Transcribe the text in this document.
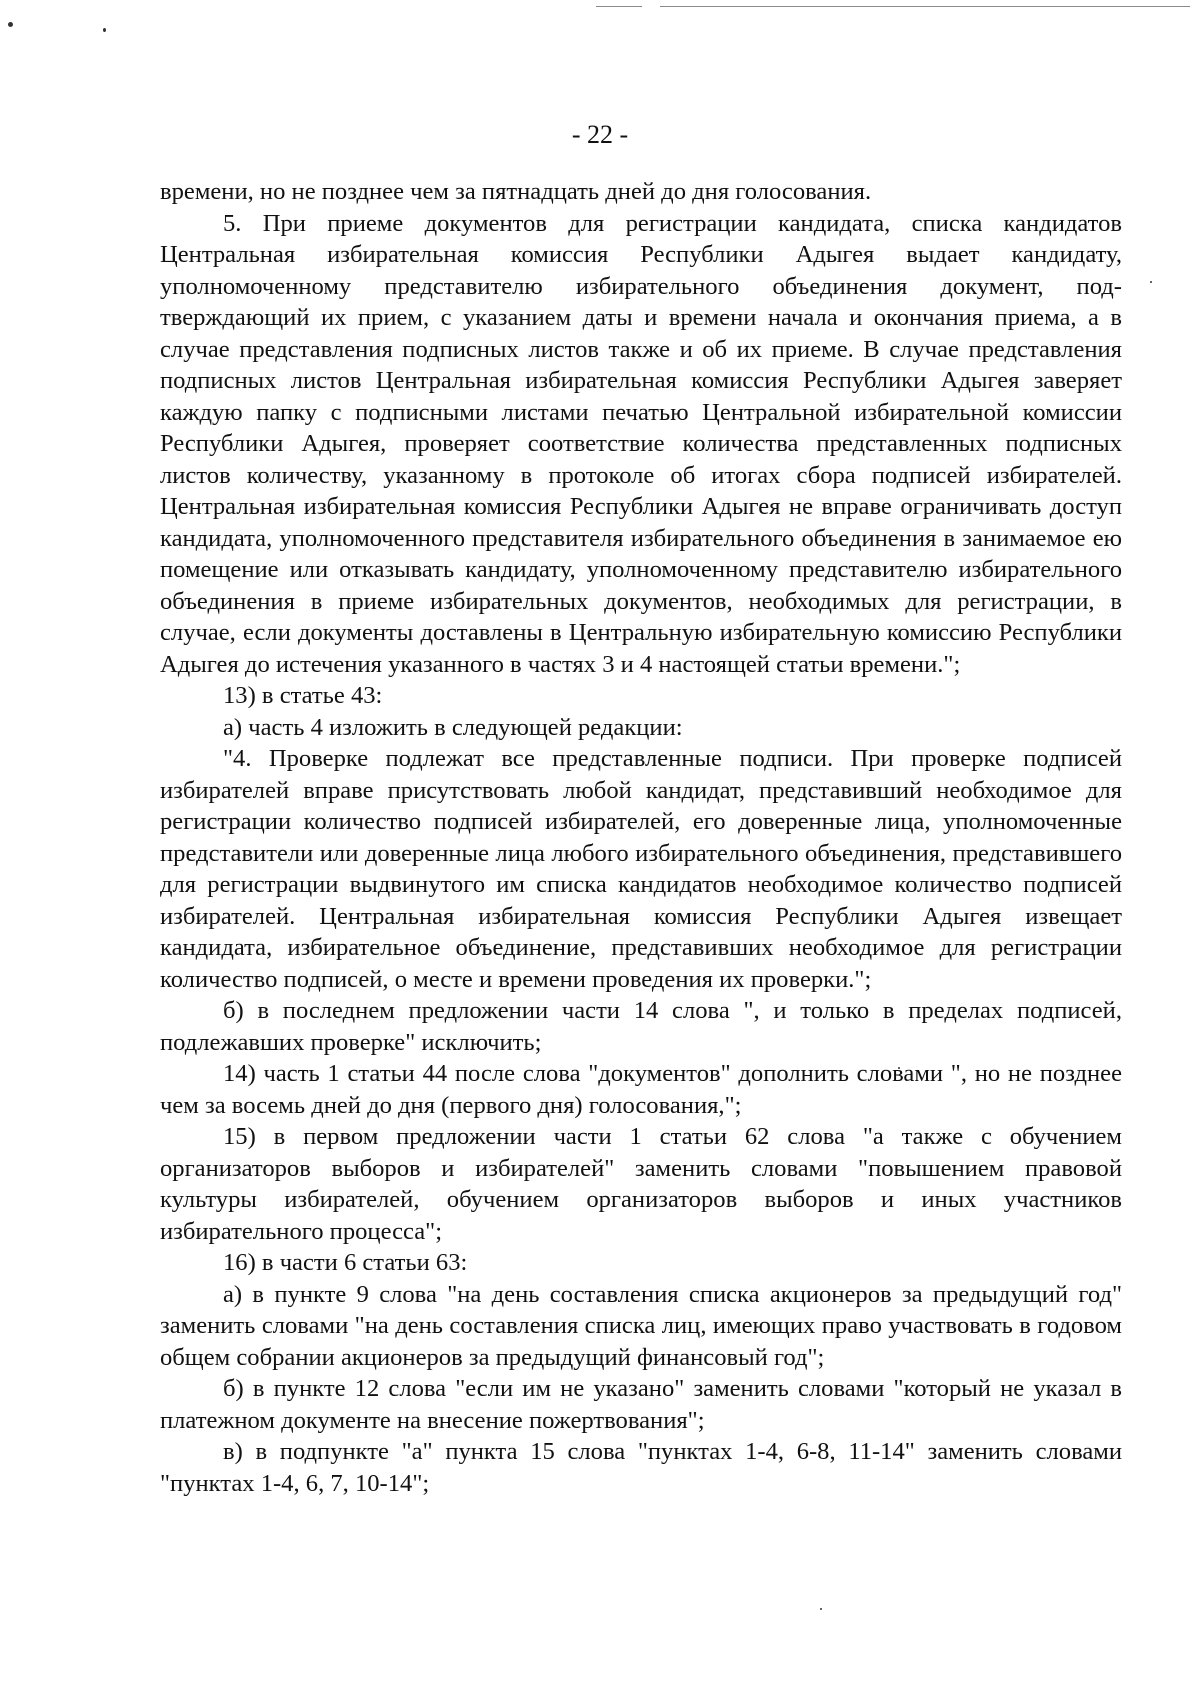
- 22 -

времени, но не позднее чем за пятнадцать дней до дня голосования.

5. При приеме документов для регистрации кандидата, списка кандидатов Центральная избирательная комиссия Республики Адыгея выдает кандидату, уполномоченному представителю избирательного объединения документ, подтверждающий их прием, с указанием даты и времени начала и окончания приема, а в случае представления подписных листов также и об их приеме. В случае представления подписных листов Центральная избирательная комиссия Республики Адыгея заверяет каждую папку с подписными листами печатью Центральной избирательной комиссии Республики Адыгея, проверяет соответствие количества представленных подписных листов количеству, указанному в протоколе об итогах сбора подписей избирателей. Центральная избирательная комиссия Республики Адыгея не вправе ограничивать доступ кандидата, уполномоченного представителя избирательного объединения в занимаемое ею помещение или отказывать кандидату, уполномоченному представителю избирательного объединения в приеме избирательных документов, необходимых для регистрации, в случае, если документы доставлены в Центральную избирательную комиссию Республики Адыгея до истечения указанного в частях 3 и 4 настоящей статьи времени.";

13) в статье 43:

а) часть 4 изложить в следующей редакции:

"4. Проверке подлежат все представленные подписи. При проверке подписей избирателей вправе присутствовать любой кандидат, представивший необходимое для регистрации количество подписей избирателей, его доверенные лица, уполномоченные представители или доверенные лица любого избирательного объединения, представившего для регистрации выдвинутого им списка кандидатов необходимое количество подписей избирателей. Центральная избирательная комиссия Республики Адыгея извещает кандидата, избирательное объединение, представивших необходимое для регистрации количество подписей, о месте и времени проведения их проверки.";

б) в последнем предложении части 14 слова ", и только в пределах подписей, подлежавших проверке" исключить;

14) часть 1 статьи 44 после слова "документов" дополнить словами ", но не позднее чем за восемь дней до дня (первого дня) голосования,";

15) в первом предложении части 1 статьи 62 слова "а также с обучением организаторов выборов и избирателей" заменить словами "повышением правовой культуры избирателей, обучением организаторов выборов и иных участников избирательного процесса";

16) в части 6 статьи 63:

а) в пункте 9 слова "на день составления списка акционеров за предыдущий год" заменить словами "на день составления списка лиц, имеющих право участвовать в годовом общем собрании акционеров за предыдущий финансовый год";

б) в пункте 12 слова "если им не указано" заменить словами "который не указал в платежном документе на внесение пожертвования";

в) в подпункте "а" пункта 15 слова "пунктах 1-4, 6-8, 11-14" заменить словами "пунктах 1-4, 6, 7, 10-14";
